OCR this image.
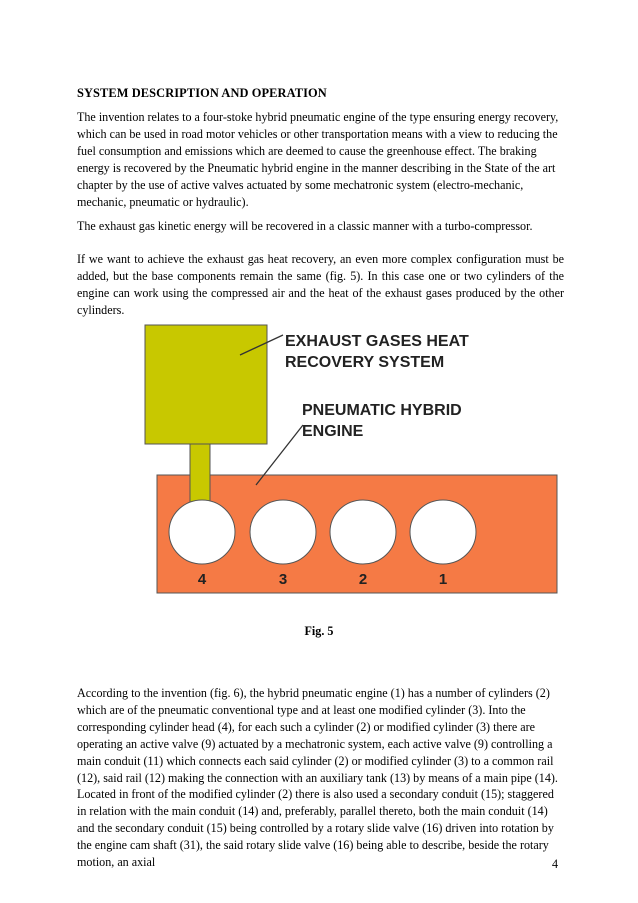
SYSTEM DESCRIPTION AND OPERATION

The invention relates to a four-stoke hybrid pneumatic engine of the type ensuring energy recovery, which can be used in road motor vehicles or other transportation means with a view to reducing the fuel consumption and emissions which are deemed to cause the greenhouse effect. The braking energy is recovered by the Pneumatic hybrid engine in the manner describing in the State of the art chapter by the use of active valves actuated by some mechatronic system (electro-mechanic, mechanic, pneumatic or hydraulic).

The exhaust gas kinetic energy will be recovered in a classic manner with a turbo-compressor.

If we want to achieve the exhaust gas heat recovery, an even more complex configuration must be added, but the base components remain the same (fig. 5). In this case one or two cylinders of the engine can work using the compressed air and the heat of the exhaust gases produced by the other cylinders.

4	3	2	1
EXHAUST GASES HEAT
RECOVERY SYSTEM
PNEUMATIC HYBRID
ENGINE
Fig. 5

According to the invention (fig. 6), the hybrid pneumatic engine (1) has a number of cylinders (2) which are of the pneumatic conventional type and at least one modified cylinder (3). Into the corresponding cylinder head (4), for each such a cylinder (2) or modified cylinder (3) there are operating an active valve (9) actuated by a mechatronic system, each active valve (9) controlling a main conduit (11) which connects each said cylinder (2) or modified cylinder (3) to a common rail (12), said rail (12) making the connection with an auxiliary tank (13) by means of a main pipe (14). Located in front of the modified cylinder (2) there is also used a secondary conduit (15); staggered in relation with the main conduit (14) and, preferably, parallel thereto, both the main conduit (14) and the secondary conduit (15) being controlled by a rotary slide valve (16) driven into rotation by the engine cam shaft (31), the said rotary slide valve (16) being able to describe, beside the rotary motion, an axial	4
